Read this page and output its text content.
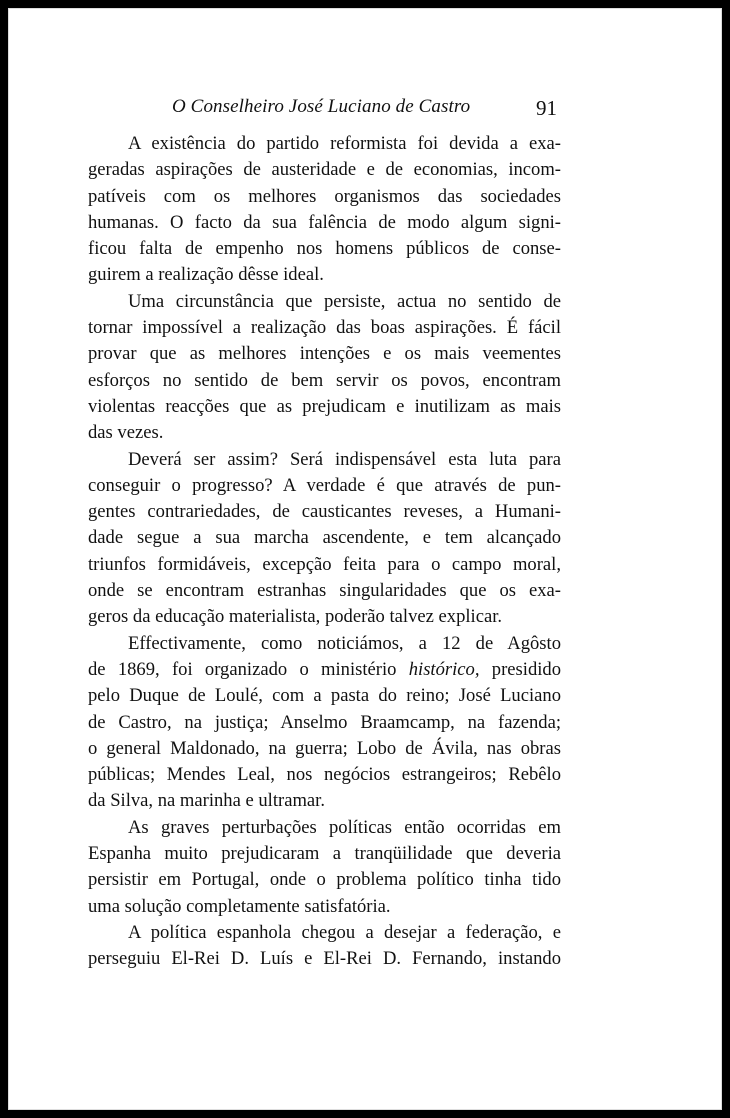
O Conselheiro José Luciano de Castro	91
A existência do partido reformista foi devida a exa-
geradas aspirações de austeridade e de economias, incom-
patíveis com os melhores organismos das sociedades
humanas. O facto da sua falência de modo algum signi-
ficou falta de empenho nos homens públicos de conse-
guirem a realização dêsse ideal.
Uma circunstância que persiste, actua no sentido de
tornar impossível a realização das boas aspirações. É fácil
provar que as melhores intenções e os mais veementes
esforços no sentido de bem servir os povos, encontram
violentas reacções que as prejudicam e inutilizam as mais
das vezes.
Deverá ser assim? Será indispensável esta luta para
conseguir o progresso? A verdade é que através de pun-
gentes contrariedades, de causticantes reveses, a Humani-
dade segue a sua marcha ascendente, e tem alcançado
triunfos formidáveis, excepção feita para o campo moral,
onde se encontram estranhas singularidades que os exa-
geros da educação materialista, poderão talvez explicar.
Effectivamente, como noticiámos, a 12 de Agôsto
de 1869, foi organizado o ministério histórico, presidido
pelo Duque de Loulé, com a pasta do reino; José Luciano
de Castro, na justiça; Anselmo Braamcamp, na fazenda;
o general Maldonado, na guerra; Lobo de Ávila, nas obras
públicas; Mendes Leal, nos negócios estrangeiros; Rebêlo
da Silva, na marinha e ultramar.
As graves perturbações políticas então ocorridas em
Espanha muito prejudicaram a tranqüilidade que deveria
persistir em Portugal, onde o problema político tinha tido
uma solução completamente satisfatória.
A política espanhola chegou a desejar a federação, e
perseguiu El-Rei D. Luís e El-Rei D. Fernando, instando
